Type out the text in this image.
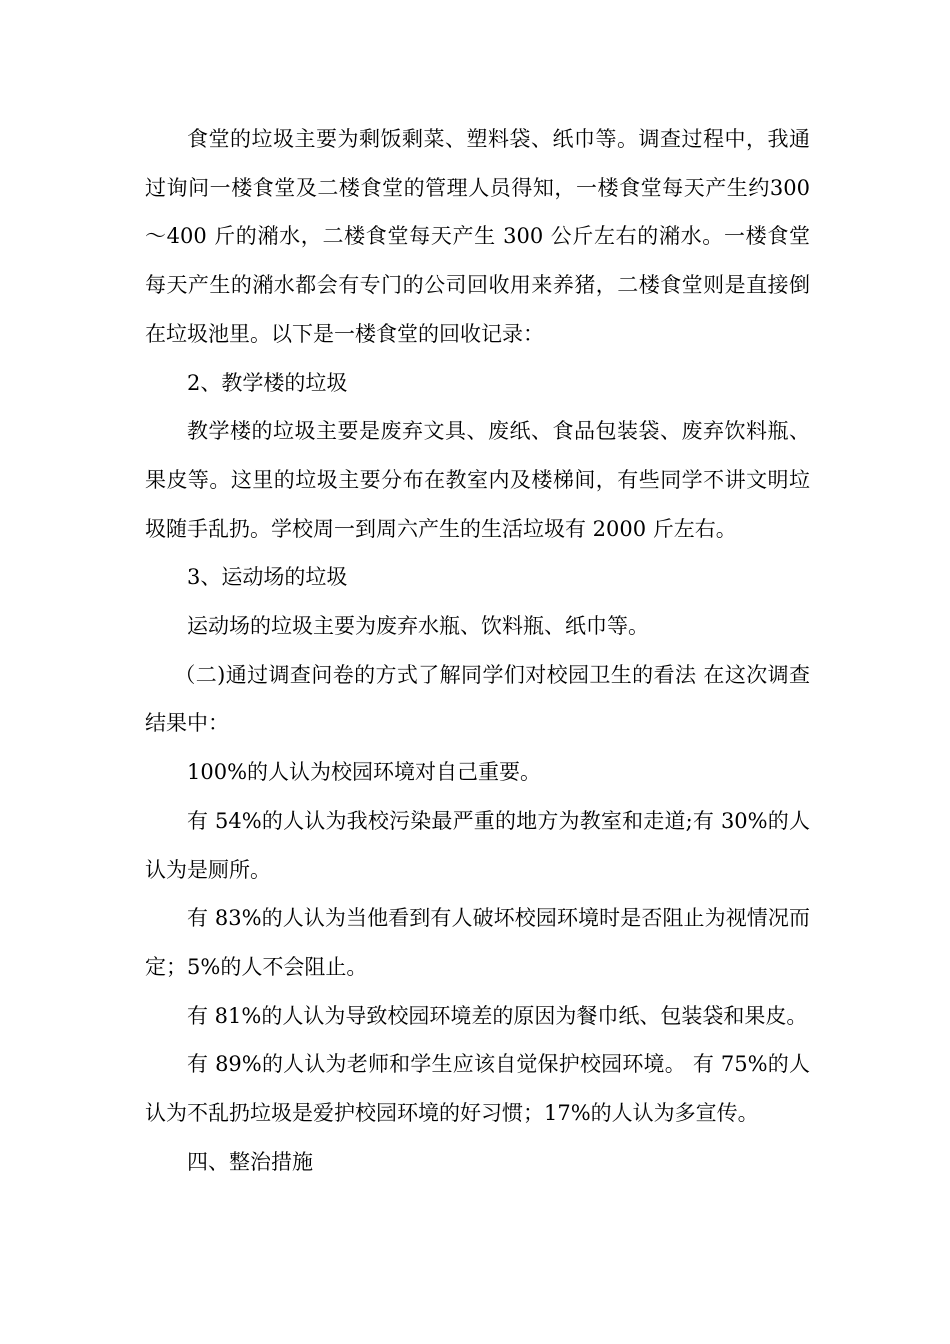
食堂的垃圾主要为剩饭剩菜、塑料袋、纸巾等。调查过程中，我通过询问一楼食堂及二楼食堂的管理人员得知，一楼食堂每天产生约300～400 斤的潲水，二楼食堂每天产生 300 公斤左右的潲水。一楼食堂每天产生的潲水都会有专门的公司回收用来养猪，二楼食堂则是直接倒在垃圾池里。以下是一楼食堂的回收记录：

2、教学楼的垃圾

教学楼的垃圾主要是废弃文具、废纸、食品包装袋、废弃饮料瓶、果皮等。这里的垃圾主要分布在教室内及楼梯间，有些同学不讲文明垃圾随手乱扔。学校周一到周六产生的生活垃圾有 2000 斤左右。

3、运动场的垃圾

运动场的垃圾主要为废弃水瓶、饮料瓶、纸巾等。

（二)通过调查问卷的方式了解同学们对校园卫生的看法 在这次调查结果中：

100%的人认为校园环境对自己重要。

有 54%的人认为我校污染最严重的地方为教室和走道;有 30%的人认为是厕所。

有 83%的人认为当他看到有人破坏校园环境时是否阻止为视情况而定；5%的人不会阻止。

有 81%的人认为导致校园环境差的原因为餐巾纸、包装袋和果皮。

有 89%的人认为老师和学生应该自觉保护校园环境。 有 75%的人认为不乱扔垃圾是爱护校园环境的好习惯；17%的人认为多宣传。

四、整治措施
